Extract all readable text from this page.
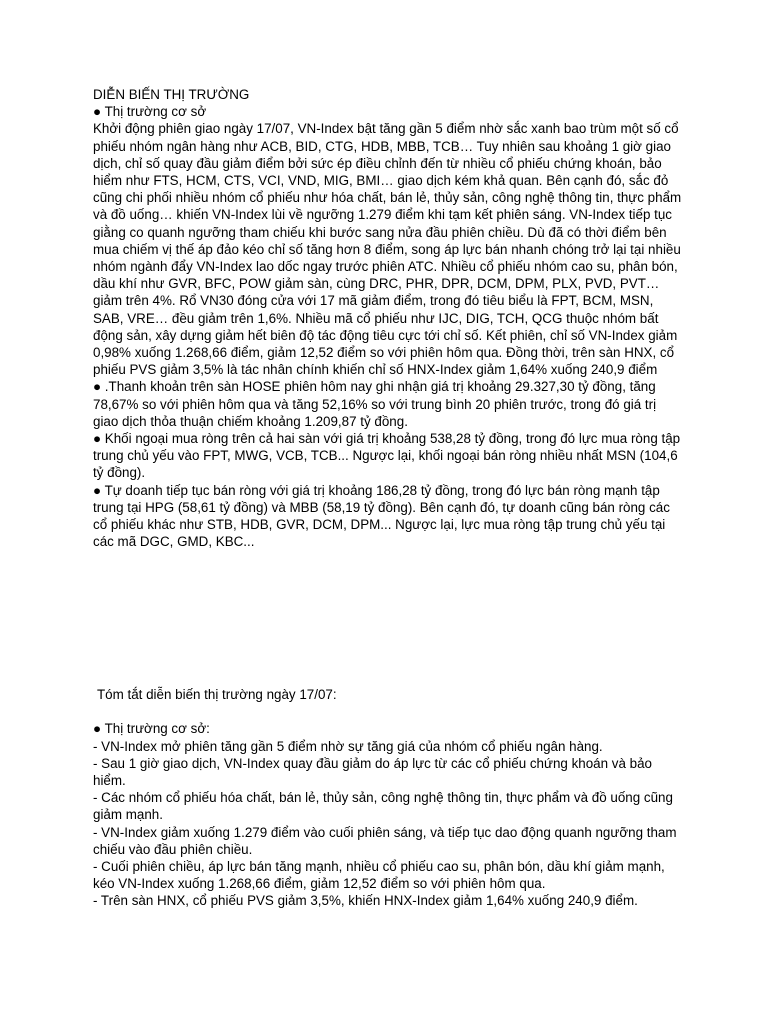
DIỄN BIẾN THỊ TRƯỜNG
● Thị trường cơ sở
Khởi động phiên giao ngày 17/07, VN-Index bật tăng gần 5 điểm nhờ sắc xanh bao trùm một số cổ phiếu nhóm ngân hàng như ACB, BID, CTG, HDB, MBB, TCB… Tuy nhiên sau khoảng 1 giờ giao dịch, chỉ số quay đầu giảm điểm bởi sức ép điều chỉnh đến từ nhiều cổ phiếu chứng khoán, bảo hiểm như FTS, HCM, CTS, VCI, VND, MIG, BMI… giao dịch kém khả quan. Bên cạnh đó, sắc đỏ cũng chi phối nhiều nhóm cổ phiếu như hóa chất, bán lẻ, thủy sản, công nghệ thông tin, thực phẩm và đồ uống… khiến VN-Index lùi về ngưỡng 1.279 điểm khi tạm kết phiên sáng. VN-Index tiếp tục giằng co quanh ngưỡng tham chiếu khi bước sang nửa đầu phiên chiều. Dù đã có thời điểm bên mua chiếm vị thế áp đảo kéo chỉ số tăng hơn 8 điểm, song áp lực bán nhanh chóng trở lại tại nhiều nhóm ngành đẩy VN-Index lao dốc ngay trước phiên ATC. Nhiều cổ phiếu nhóm cao su, phân bón, dầu khí như GVR, BFC, POW giảm sàn, cùng DRC, PHR, DPR, DCM, DPM, PLX, PVD, PVT… giảm trên 4%. Rổ VN30 đóng cửa với 17 mã giảm điểm, trong đó tiêu biểu là FPT, BCM, MSN, SAB, VRE… đều giảm trên 1,6%. Nhiều mã cổ phiếu như IJC, DIG, TCH, QCG thuộc nhóm bất động sản, xây dựng giảm hết biên độ tác động tiêu cực tới chỉ số. Kết phiên, chỉ số VN-Index giảm 0,98% xuống 1.268,66 điểm, giảm 12,52 điểm so với phiên hôm qua. Đồng thời, trên sàn HNX, cổ phiếu PVS giảm 3,5% là tác nhân chính khiến chỉ số HNX-Index giảm 1,64% xuống 240,9 điểm
● .Thanh khoản trên sàn HOSE phiên hôm nay ghi nhận giá trị khoảng 29.327,30 tỷ đồng, tăng 78,67% so với phiên hôm qua và tăng 52,16% so với trung bình 20 phiên trước, trong đó giá trị giao dịch thỏa thuận chiếm khoảng 1.209,87 tỷ đồng.
● Khối ngoại mua ròng trên cả hai sàn với giá trị khoảng 538,28 tỷ đồng, trong đó lực mua ròng tập trung chủ yếu vào FPT, MWG, VCB, TCB... Ngược lại, khối ngoại bán ròng nhiều nhất MSN (104,6 tỷ đồng).
● Tự doanh tiếp tục bán ròng với giá trị khoảng 186,28 tỷ đồng, trong đó lực bán ròng mạnh tập trung tại HPG (58,61 tỷ đồng) và MBB (58,19 tỷ đồng). Bên cạnh đó, tự doanh cũng bán ròng các cổ phiếu khác như STB, HDB, GVR, DCM, DPM... Ngược lại, lực mua ròng tập trung chủ yếu tại các mã DGC, GMD, KBC...
Tóm tắt diễn biến thị trường ngày 17/07:
● Thị trường cơ sở:
- VN-Index mở phiên tăng gần 5 điểm nhờ sự tăng giá của nhóm cổ phiếu ngân hàng.
- Sau 1 giờ giao dịch, VN-Index quay đầu giảm do áp lực từ các cổ phiếu chứng khoán và bảo hiểm.
- Các nhóm cổ phiếu hóa chất, bán lẻ, thủy sản, công nghệ thông tin, thực phẩm và đồ uống cũng giảm mạnh.
- VN-Index giảm xuống 1.279 điểm vào cuối phiên sáng, và tiếp tục dao động quanh ngưỡng tham chiếu vào đầu phiên chiều.
- Cuối phiên chiều, áp lực bán tăng mạnh, nhiều cổ phiếu cao su, phân bón, dầu khí giảm mạnh, kéo VN-Index xuống 1.268,66 điểm, giảm 12,52 điểm so với phiên hôm qua.
- Trên sàn HNX, cổ phiếu PVS giảm 3,5%, khiến HNX-Index giảm 1,64% xuống 240,9 điểm.
